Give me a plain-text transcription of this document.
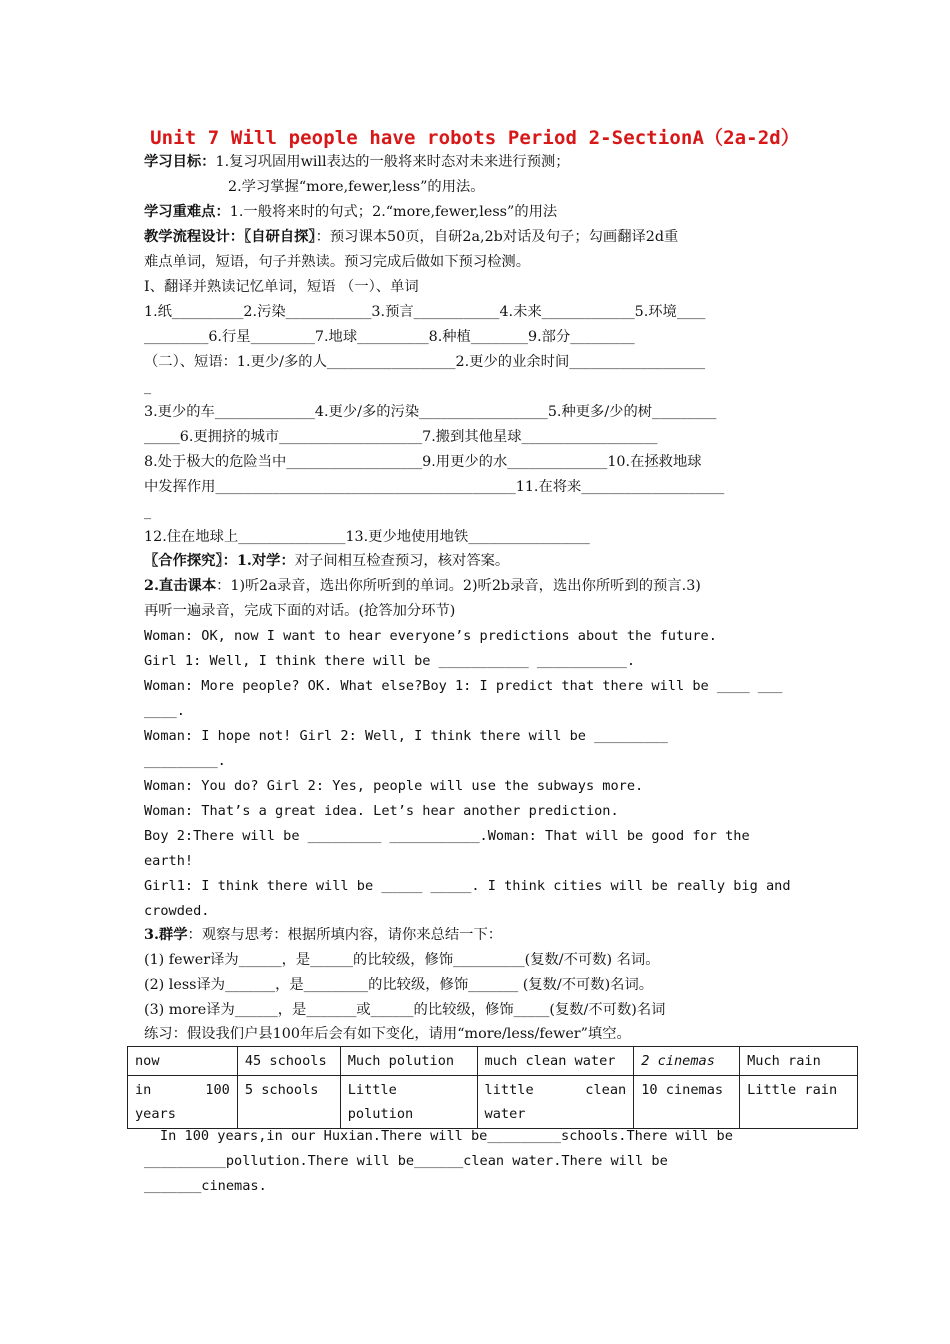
Unit 7 Will people have robots Period 2-SectionA（2a-2d）
学习目标：1.复习巩固用will表达的一般将来时态对未来进行预测；
2.学习掌握“more,fewer,less”的用法。
学习重难点：1.一般将来时的句式；2.“more,fewer,less”的用法
教学流程设计：〖自研自探〗：预习课本50页，自研2a,2b对话及句子；勾画翻译2d重
难点单词，短语，句子并熟读。预习完成后做如下预习检测。
I、翻译并熟读记忆单词，短语 （一）、单词
1.纸__________2.污染____________3.预言____________4.未来_____________5.环境____
_________6.行星_________7.地球__________8.种植________9.部分_________
（二）、短语：1.更少/多的人__________________2.更少的业余时间___________________
_
3.更少的车______________4.更少/多的污染__________________5.种更多/少的树_________
_____6.更拥挤的城市____________________7.搬到其他星球___________________
8.处于极大的危险当中___________________9.用更少的水______________10.在拯救地球
中发挥作用__________________________________________11.在将来____________________
_
12.住在地球上_______________13.更少地使用地铁_________________
〖合作探究〗：1.对学：对子间相互检查预习，核对答案。
2.直击课本：1)听2a录音，选出你所听到的单词。2)听2b录音，选出你所听到的预言.3)
再听一遍录音，完成下面的对话。(抢答加分环节)
Woman: OK, now I want to hear everyone’s predictions about the future.
Girl 1: Well, I think there will be ___________ ___________.
Woman: More people? OK. What else?Boy 1: I predict that there will be ____ ___
____.
Woman: I hope not! Girl 2: Well, I think there will be _________
_________.
Woman: You do? Girl 2: Yes, people will use the subways more.
Woman: That’s a great idea. Let’s hear another prediction.
Boy 2:There will be _________ ___________.Woman: That will be good for the
earth!
Girl1: I think there will be _____ _____. I think cities will be really big and
crowded.
3.群学：观察与思考：根据所填内容，请你来总结一下：
(1) fewer译为______，是______的比较级，修饰__________(复数/不可数) 名词。
(2) less译为_______，是_________的比较级，修饰_______ (复数/不可数)名词。
(3) more译为______，是_______或______的比较级，修饰_____(复数/不可数)名词
练习：假设我们户县100年后会有如下变化，请用“more/less/fewer”填空。
now	45 schools	Much polution	much clean water	2 cinemas	Much rain
in 100 years	5 schools	Little polution	little clean water	10 cinemas	Little rain
In 100 years,in our Huxian.There will be_________schools.There will be
__________pollution.There will be______clean water.There will be
_______cinemas.
